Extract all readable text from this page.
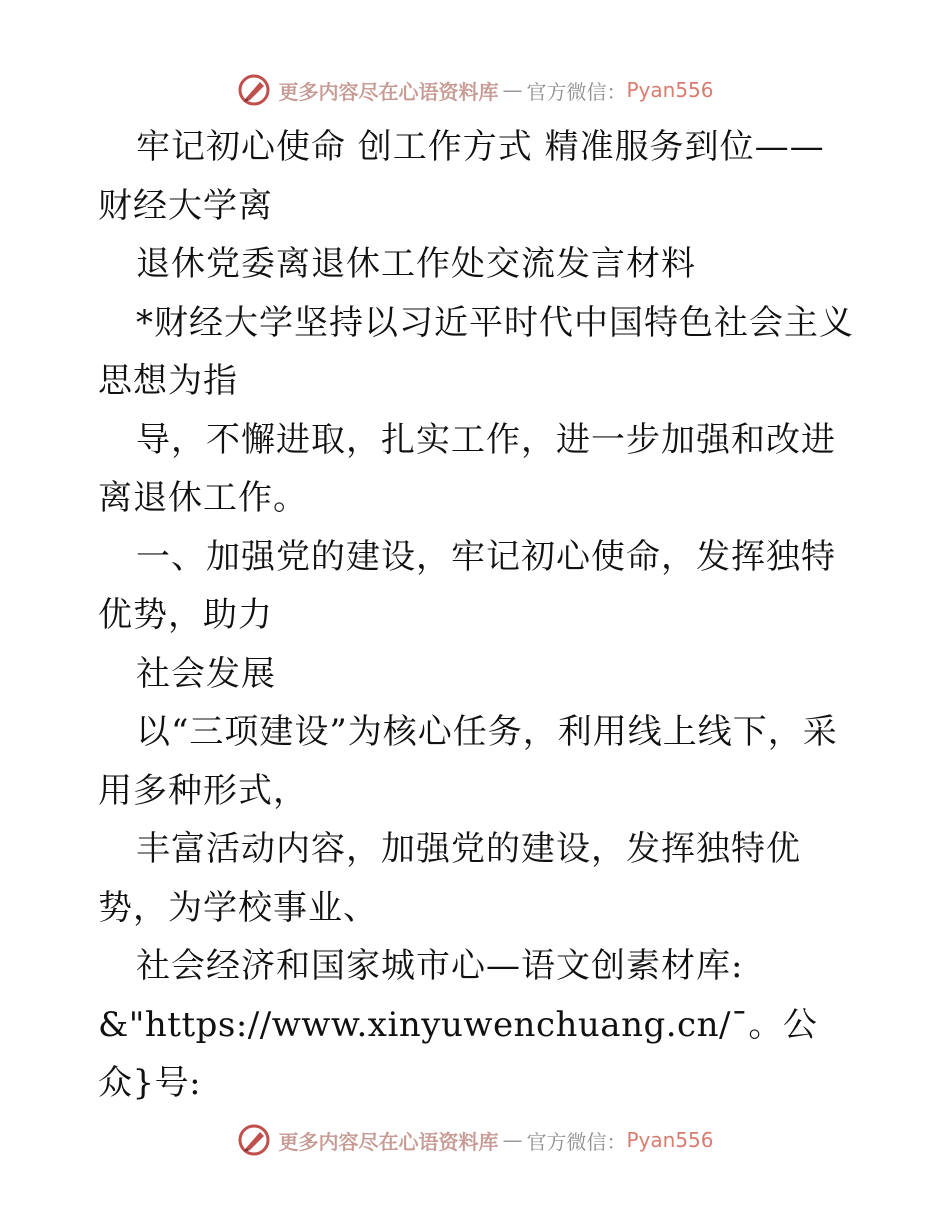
更多内容尽在心语资料库 — 官方微信： Pyan556

牢记初心使命 创工作方式 精准服务到位——财经大学离

退休党委离退休工作处交流发言材料

*财经大学坚持以习近平时代中国特色社会主义思想为指

导，不懈进取，扎实工作，进一步加强和改进离退休工作。

一、加强党的建设，牢记初心使命，发挥独特优势，助力

社会发展

以“三项建设”为核心任务，利用线上线下，采用多种形式，

丰富活动内容，加强党的建设，发挥独特优势，为学校事业、

社会经济和国家城市心—语文创素材库:

&"https://www.xinyuwenchuang.cn/¯。公众}号:

更多内容尽在心语资料库 — 官方微信： Pyan556
